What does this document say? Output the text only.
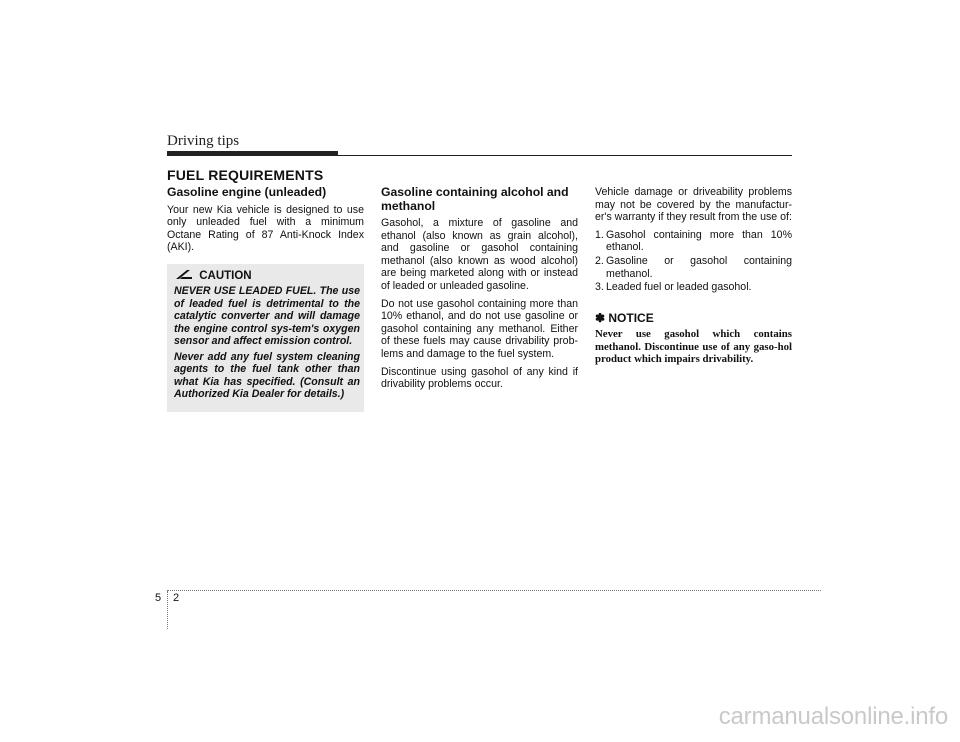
Driving tips
FUEL REQUIREMENTS
Gasoline engine (unleaded)

Your new Kia vehicle is designed to use only unleaded fuel with a minimum Octane Rating of 87 Anti-Knock Index (AKI).

CAUTION

NEVER USE LEADED FUEL. The use of leaded fuel is detrimental to the catalytic converter and will damage the engine control sys-tem's oxygen sensor and affect emission control.

Never add any fuel system cleaning agents to the fuel tank other than what Kia has specified. (Consult an Authorized Kia Dealer for details.)

Gasoline containing alcohol and methanol

Gasohol, a mixture of gasoline and ethanol (also known as grain alcohol), and gasoline or gasohol containing methanol (also known as wood alcohol) are being marketed along with or instead of leaded or unleaded gasoline.

Do not use gasohol containing more than 10% ethanol, and do not use gasoline or gasohol containing any methanol. Either of these fuels may cause drivability prob-lems and damage to the fuel system.

Discontinue using gasohol of any kind if drivability problems occur.

Vehicle damage or driveability problems may not be covered by the manufactur-er's warranty if they result from the use of:

1. Gasohol containing more than 10% ethanol.
2. Gasoline or gasohol containing methanol.
3. Leaded fuel or leaded gasohol.
✽ NOTICE

Never use gasohol which contains methanol. Discontinue use of any gaso-hol product which impairs drivability.

5 2
carmanualsonline.info
